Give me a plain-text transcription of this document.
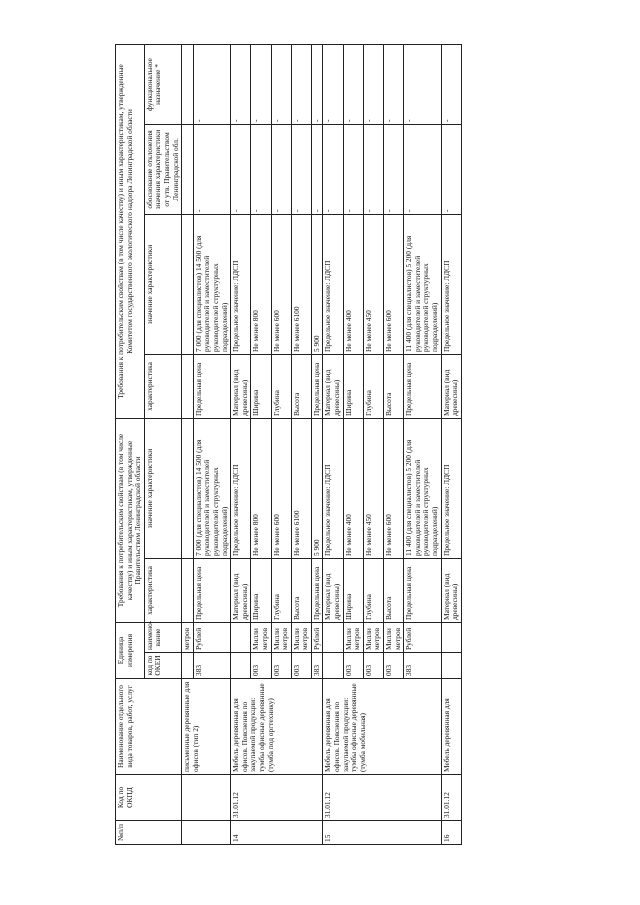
№п/п	Код по ОКПД	Наименование отдельного вида товаров, работ, услуг	Единица измерения		Требования к потребительским свойствам (в том числе качеству) и иным характеристикам, утвержденные Правительством Ленинградской области		Требования к потребительским свойствам (в том числе качеству) и иным характеристикам, утвержденные Комитетом государственного экологического надзора Ленинградской области			
			код по ОКЕИ	наимено-вание	характеристика	значение характеристики	характеристика	значение характеристики	обоснование отклонения значения характеристики от утв. Правительством Ленинградской обл.	функциональное назначение *
		письменные деревянные для офисов (тип 2)		метров						
			383	Рублей	Предельная цена	7 000 (для специалистов) 14 500 (для руководителей и заместителей руководителей структурных подразделений)	Предельная цена	7 000 (для специалистов) 14 500 (для руководителей и заместителей руководителей структурных подразделений)	-	-
14	31.01.12	Мебель деревянная для офисов. Пояснения по закупаемой продукции: тумбы офисные деревянные (тумба под оргтехнику)			Материал (вид древесины)	Предельное значение: ЛДСП	Материал (вид древесины)	Предельное значение: ЛДСП	-	-
			003	Милли метров	Ширина	Не менее 800	Ширина	Не менее 800	-	-
			003	Милли метров	Глубина	Не менее 600	Глубина	Не менее 600	-	-
			003	Милли метров	Высота	Не менее 6100	Высота	Не менее 6100	-	-
			383	Рублей	Предельная цена	5 900	Предельная цена	5 900	-	-
15	31.01.12	Мебель деревянная для офисов. Пояснения по закупаемой продукции: тумбы офисные деревянные (тумба мобильная)			Материал (вид древесины)	Предельное значение: ЛДСП	Материал (вид древесины)	Предельное значение: ЛДСП	-	-
			003	Милли метров	Ширина	Не менее 400	Ширина	Не менее 400	-	-
			003	Милли метров	Глубина	Не менее 450	Глубина	Не менее 450	-	-
			003	Милли метров	Высота	Не менее 600	Высота	Не менее 600	-	-
			383	Рублей	Предельная цена	11 400 (для специалистов) 5 200 (для руководителей и заместителей руководителей структурных подразделений)	Предельная цена	11 400 (для специалистов) 5 200 (для руководителей и заместителей руководителей структурных подразделений)	-	-
16	31.01.12	Мебель деревянная для			Материал (вид древесины)	Предельное значение: ЛДСП	Материал (вид древесины)	Предельное значение: ЛДСП	-	-
